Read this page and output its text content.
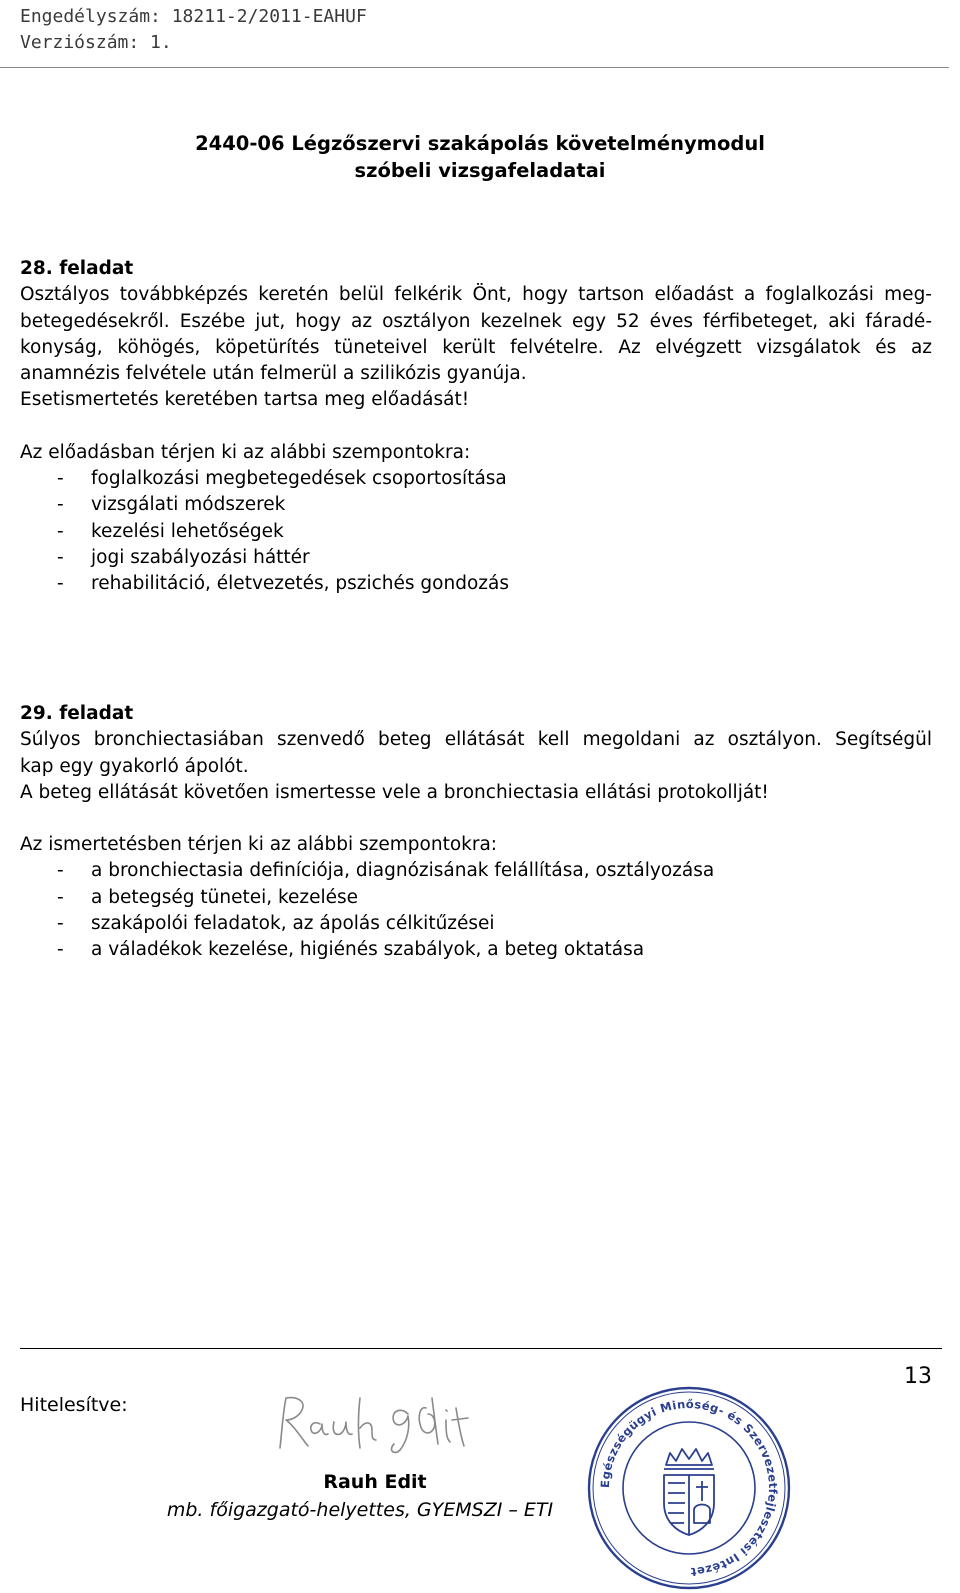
Engedélyszám: 18211-2/2011-EAHUF
Verziószám: 1.
2440-06 Légzőszervi szakápolás követelménymodul
szóbeli vizsgafeladatai
28. feladat

Osztályos továbbképzés keretén belül felkérik Önt, hogy tartson előadást a foglalkozási meg-

betegedésekről. Eszébe jut, hogy az osztályon kezelnek egy 52 éves férfibeteget, aki fáradé-

konyság, köhögés, köpetürítés tüneteivel került felvételre. Az elvégzett vizsgálatok és az

anamnézis felvétele után felmerül a szilikózis gyanúja.

Esetismertetés keretében tartsa meg előadását!

Az előadásban térjen ki az alábbi szempontokra:
- foglalkozási megbetegedések csoportosítása
- vizsgálati módszerek
- kezelési lehetőségek
- jogi szabályozási háttér
- rehabilitáció, életvezetés, pszichés gondozás
29. feladat

Súlyos bronchiectasiában szenvedő beteg ellátását kell megoldani az osztályon. Segítségül

kap egy gyakorló ápolót.

A beteg ellátását követően ismertesse vele a bronchiectasia ellátási protokollját!

Az ismertetésben térjen ki az alábbi szempontokra:
- a bronchiectasia definíciója, diagnózisának felállítása, osztályozása
- a betegség tünetei, kezelése
- szakápolói feladatok, az ápolás célkitűzései
- a váladékok kezelése, higiénés szabályok, a beteg oktatása
13
Hitelesítve:
Rauh Edit
mb. főigazgató-helyettes, GYEMSZI – ETI
Egészségügyi Minőség- és Szervezetfejlesztési Intézet
